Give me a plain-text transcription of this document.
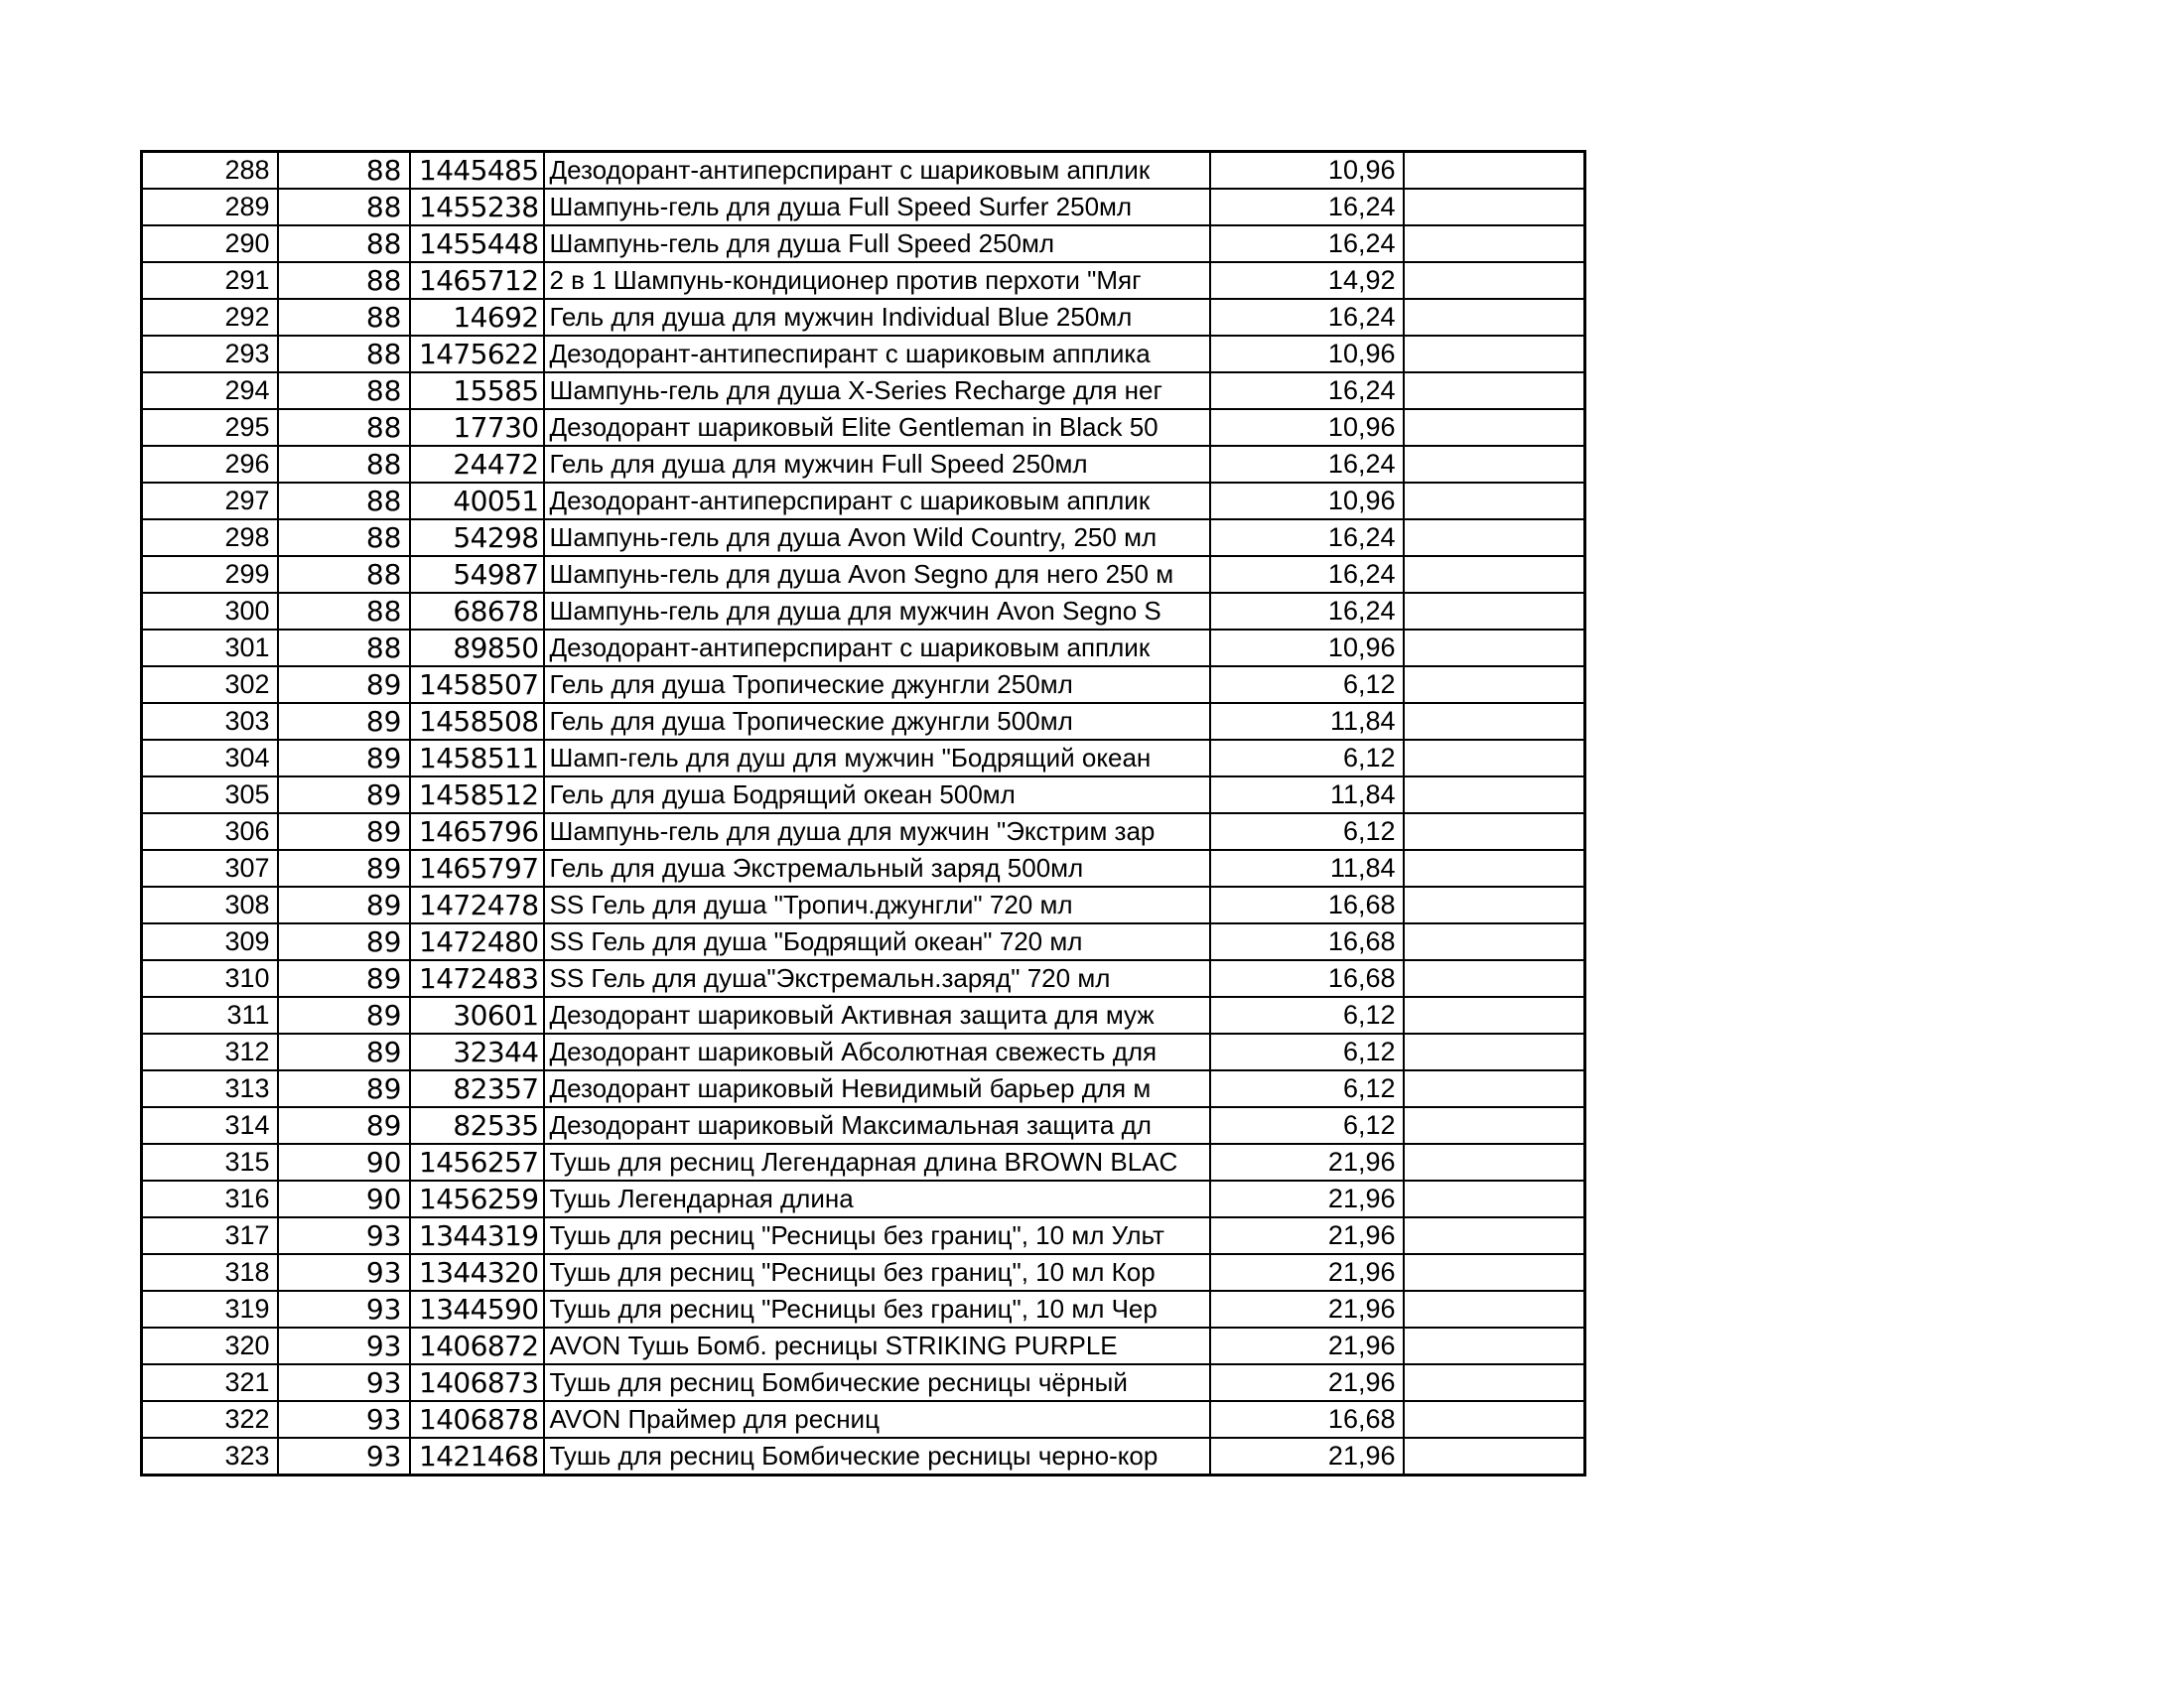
288	88	1445485	Дезодорант-антиперспирант с шариковым апплик	10,96	
289	88	1455238	Шампунь-гель для душа Full Speed Surfer 250мл	16,24	
290	88	1455448	Шампунь-гель для душа Full Speed 250мл	16,24	
291	88	1465712	2 в 1 Шампунь-кондиционер против перхоти "Мяг	14,92	
292	88	14692	Гель для душа для мужчин Individual Blue 250мл	16,24	
293	88	1475622	Дезодорант-антипеспирант с шариковым апплика	10,96	
294	88	15585	Шампунь-гель для душа X-Series Recharge для нег	16,24	
295	88	17730	Дезодорант шариковый Elite Gentleman in Black 50	10,96	
296	88	24472	Гель для душа для мужчин Full Speed 250мл	16,24	
297	88	40051	Дезодорант-антиперспирант с шариковым апплик	10,96	
298	88	54298	Шампунь-гель для душа Avon Wild Country, 250 мл	16,24	
299	88	54987	Шампунь-гель для душа Avon Segno для него 250 м	16,24	
300	88	68678	Шампунь-гель для душа для мужчин Avon Segno S	16,24	
301	88	89850	Дезодорант-антиперспирант с шариковым апплик	10,96	
302	89	1458507	Гель для душа Тропические джунгли 250мл	6,12	
303	89	1458508	Гель для душа Тропические джунгли 500мл	11,84	
304	89	1458511	Шамп-гель для душ для мужчин "Бодрящий океан	6,12	
305	89	1458512	Гель для душа Бодрящий океан 500мл	11,84	
306	89	1465796	Шампунь-гель для душа для мужчин "Экстрим зар	6,12	
307	89	1465797	Гель для душа Экстремальный заряд 500мл	11,84	
308	89	1472478	SS Гель для душа "Тропич.джунгли" 720 мл	16,68	
309	89	1472480	SS Гель для душа "Бодрящий океан" 720 мл	16,68	
310	89	1472483	SS Гель для душа"Экстремальн.заряд" 720 мл	16,68	
311	89	30601	Дезодорант шариковый Активная защита для муж	6,12	
312	89	32344	Дезодорант шариковый Абсолютная свежесть для	6,12	
313	89	82357	Дезодорант шариковый Невидимый барьер для м	6,12	
314	89	82535	Дезодорант шариковый Максимальная защита дл	6,12	
315	90	1456257	Тушь для ресниц Легендарная длина BROWN BLAC	21,96	
316	90	1456259	Тушь Легендарная длина	21,96	
317	93	1344319	Тушь для ресниц "Ресницы без границ", 10 мл Ульт	21,96	
318	93	1344320	Тушь для ресниц "Ресницы без границ", 10 мл Кор	21,96	
319	93	1344590	Тушь для ресниц "Ресницы без границ", 10 мл Чер	21,96	
320	93	1406872	AVON Тушь Бомб. ресницы STRIKING PURPLE	21,96	
321	93	1406873	Тушь для ресниц Бомбические ресницы чёрный	21,96	
322	93	1406878	AVON Праймер для ресниц	16,68	
323	93	1421468	Тушь для ресниц Бомбические ресницы черно-кор	21,96	
